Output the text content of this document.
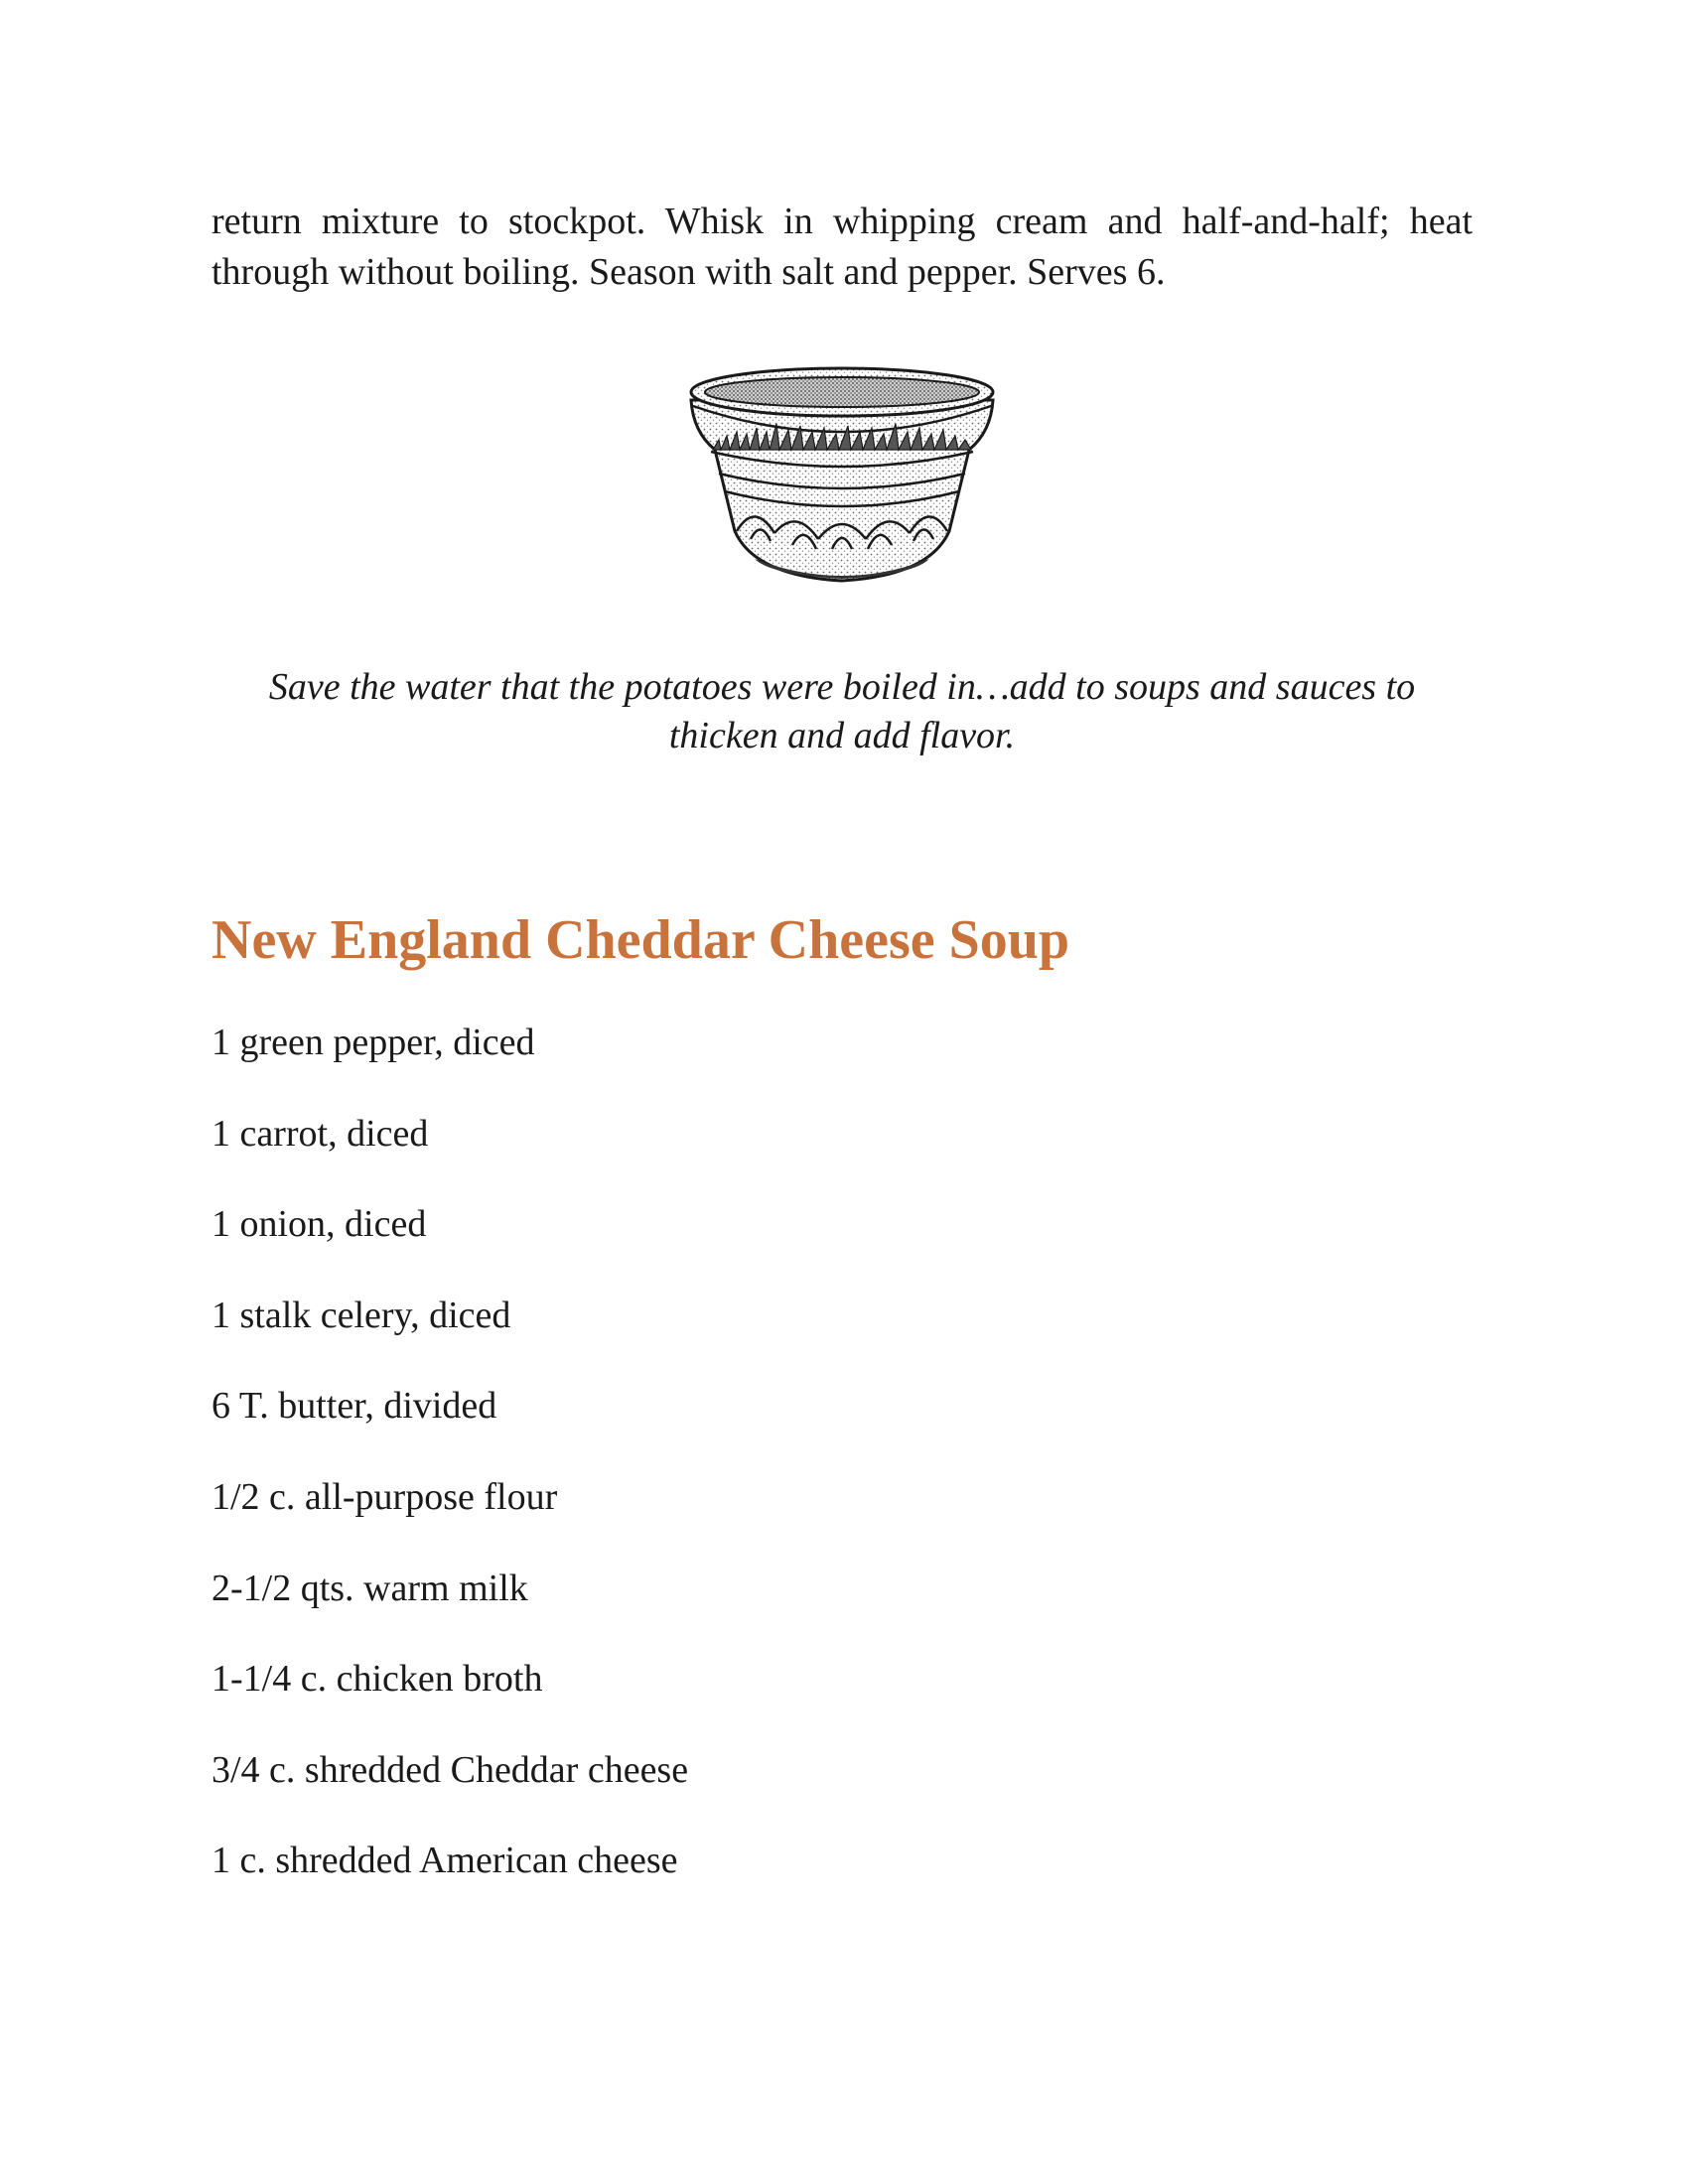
return mixture to stockpot. Whisk in whipping cream and half-and-half; heat through without boiling. Season with salt and pepper. Serves 6.

Save the water that the potatoes were boiled in…add to soups and sauces to thicken and add flavor.

New England Cheddar Cheese Soup
1 green pepper, diced
1 carrot, diced
1 onion, diced
1 stalk celery, diced
6 T. butter, divided
1/2 c. all-purpose flour
2-1/2 qts. warm milk
1-1/4 c. chicken broth
3/4 c. shredded Cheddar cheese
1 c. shredded American cheese
